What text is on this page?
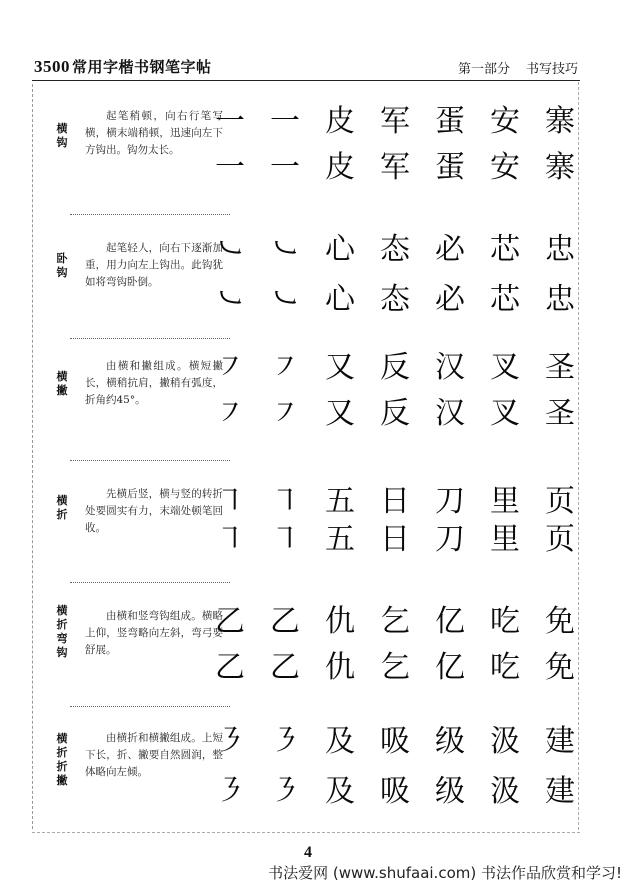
3500 常用字楷书钢笔字帖	第一部分 书写技巧
横钩
起笔稍顿，向右行笔写横，横末端稍顿，迅速向左下方钩出。钩勿太长。
一 一 皮 军 蛋 安 寨
一 一 皮 军 蛋 安 寨
卧钩
起笔轻人，向右下逐渐加重，用力向左上钩出。此钩犹如将弯钩卧倒。
㇃ ㇃ 心 态 必 芯 忠
㇃ ㇃ 心 态 必 芯 忠
横撇
由横和撇组成。横短撇长，横稍抗肩，撇稍有弧度，折角约45°。
㇇ ㇇ 又 反 汉 叉 圣
㇇ ㇇ 又 反 汉 叉 圣
横折
先横后竖，横与竖的转折处要圆实有力，末端处顿笔回收。
㇕ ㇕ 五 日 刀 里 页
㇕ ㇕ 五 日 刀 里 页
横折弯钩
由横和竖弯钩组成。横略上仰，竖弯略向左斜，弯弓要舒展。
乙 乙 仇 乞 亿 吃 免
乙 乙 仇 乞 亿 吃 免
横折折撇
由横折和横撇组成。上短下长，折、撇要自然圆润，整体略向左倾。
㇋ ㇋ 及 吸 级 汲 建
㇋ ㇋ 及 吸 级 汲 建
4
书法爱网 (www.shufaai.com) 书法作品欣赏和学习!
